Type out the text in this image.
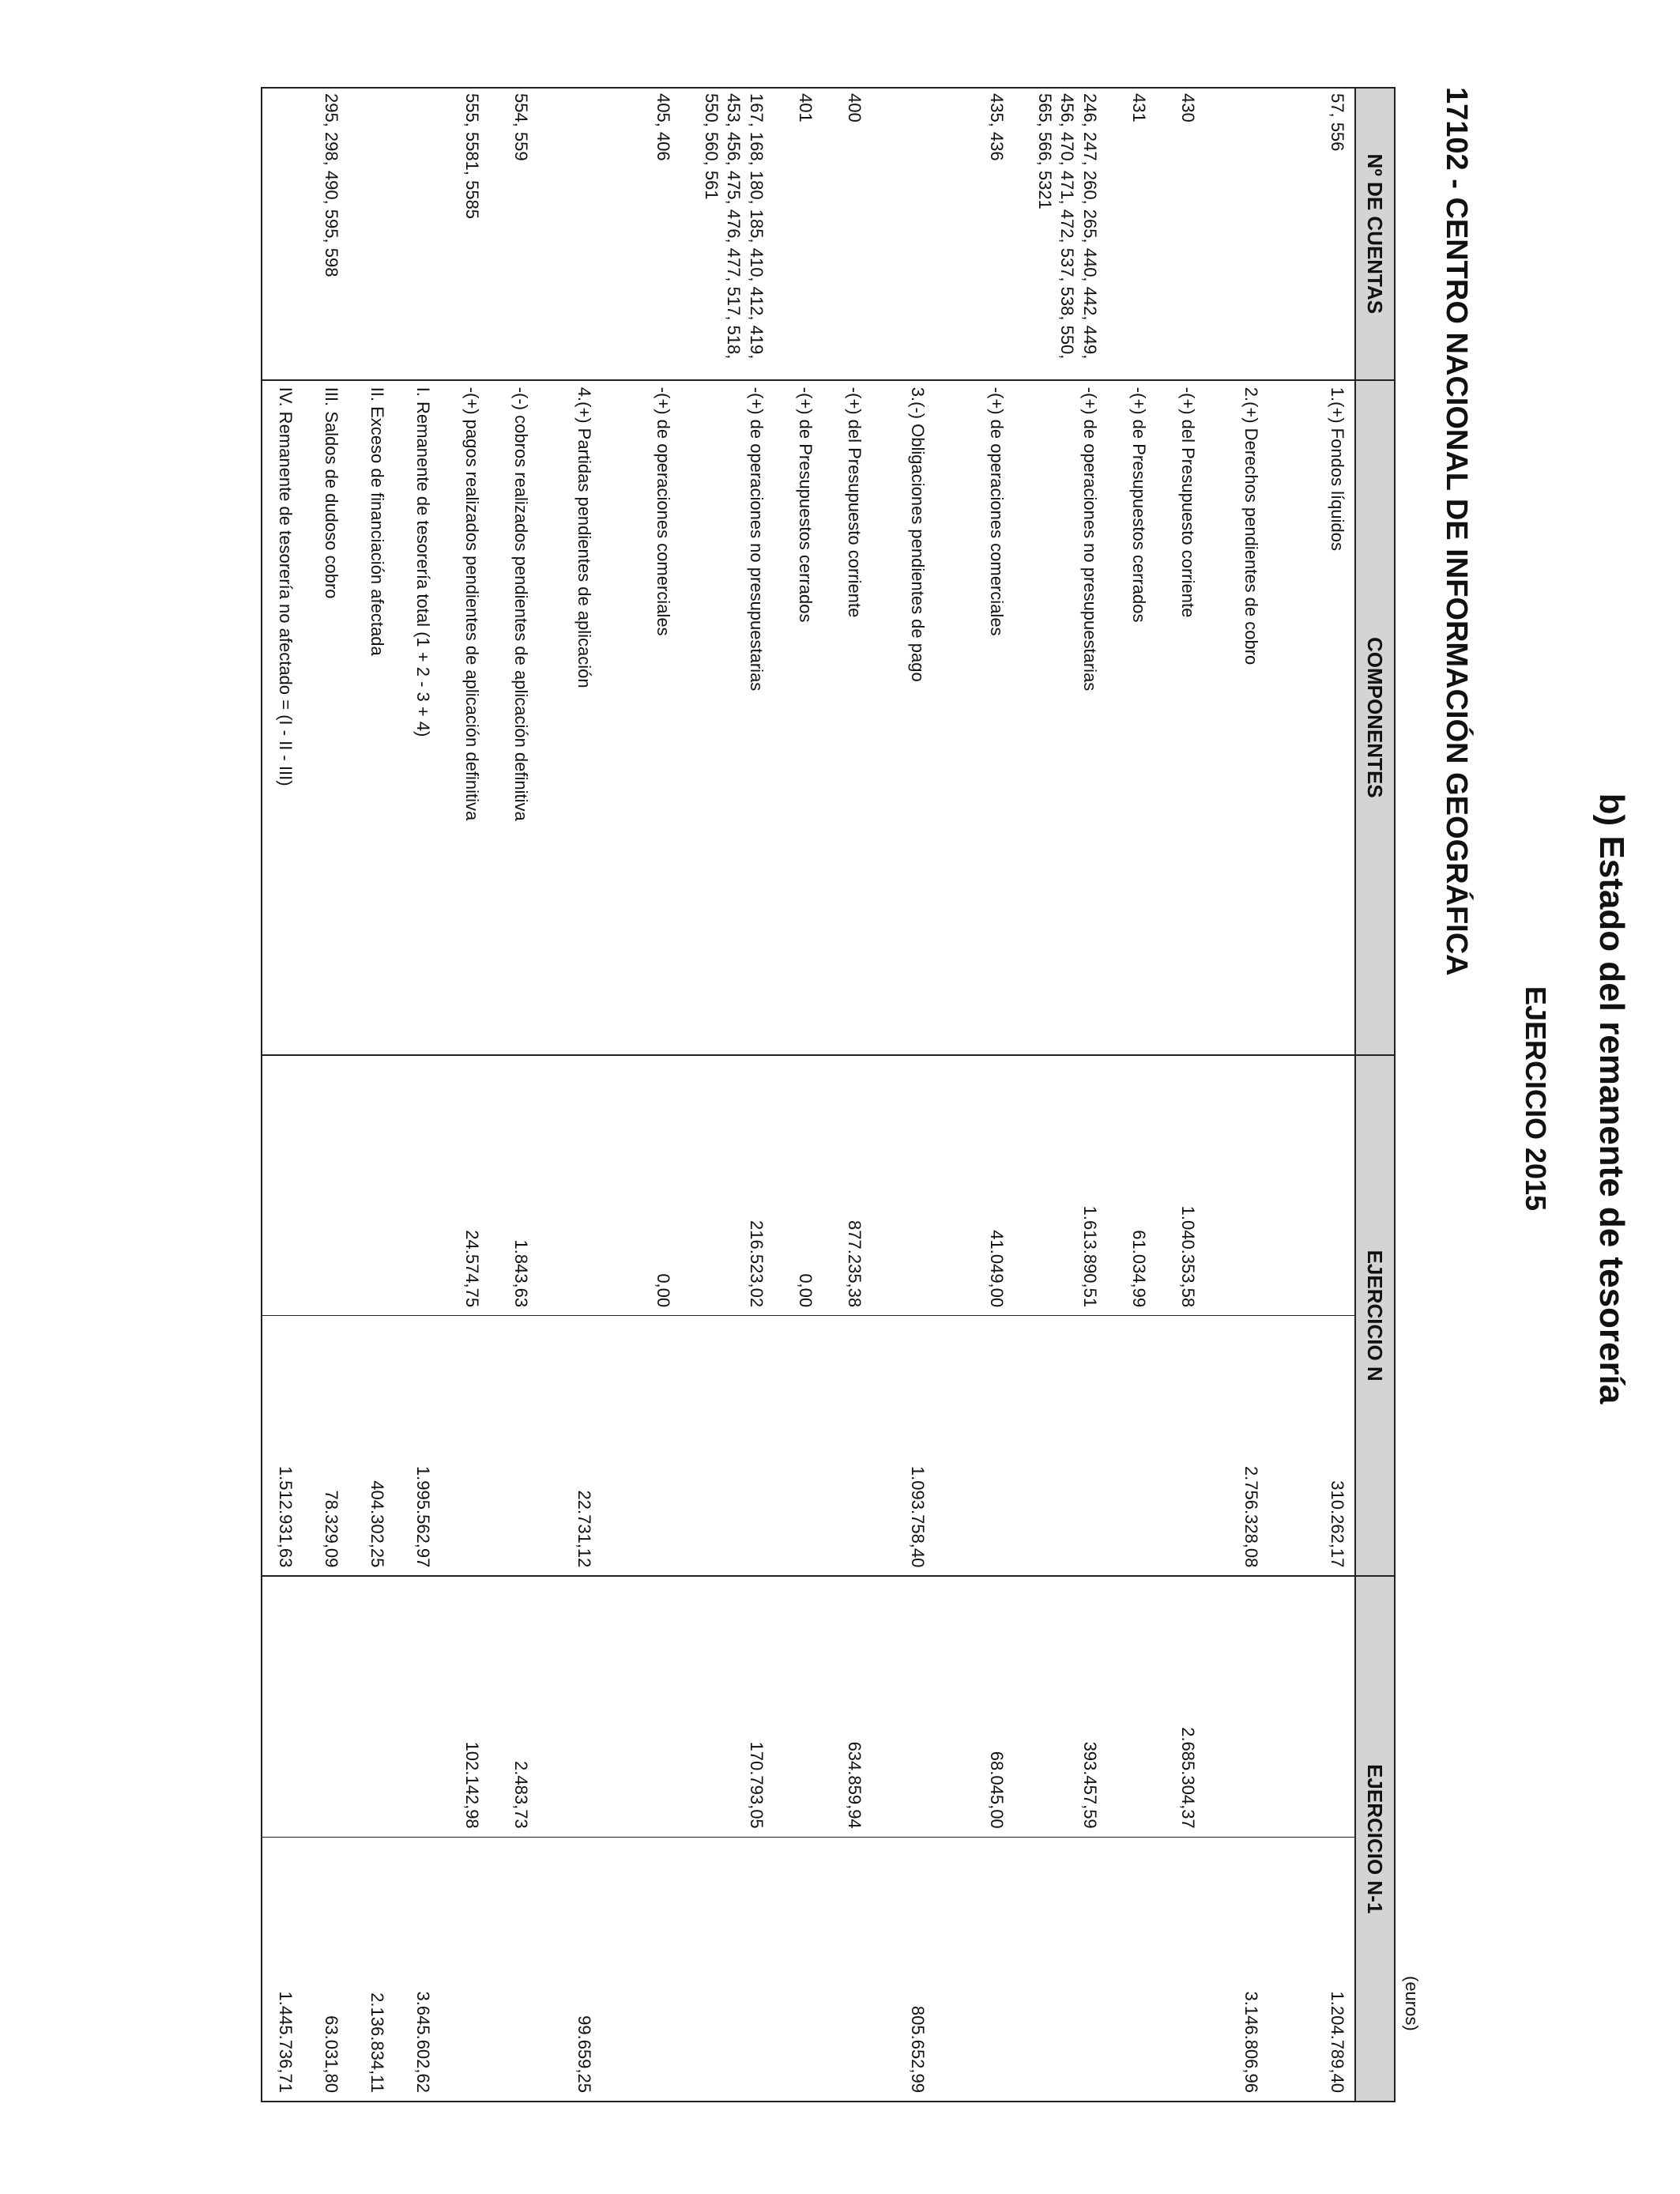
b) Estado del remanente de tesorería
EJERCICIO 2015
17102 - CENTRO NACIONAL DE INFORMACIÓN GEOGRÁFICA
(euros)
Nº DE CUENTAS	COMPONENTES	EJERCICIO N		EJERCICIO N-1	
57, 556	1.(+) Fondos líquidos		310.262,17		1.204.789,40
	2.(+) Derechos pendientes de cobro		2.756.328,08		3.146.806,96
430	-(+) del Presupuesto corriente	1.040.353,58		2.685.304,37	
431	-(+) de Presupuestos cerrados	61.034,99			
246, 247, 260, 265, 440, 442, 449, 456, 470, 471, 472, 537, 538, 550, 565, 566, 5321	-(+) de operaciones no presupuestarias	1.613.890,51		393.457,59	
435, 436	-(+) de operaciones comerciales	41.049,00		68.045,00	
	3.(-) Obligaciones pendientes de pago		1.093.758,40		805.652,99
400	-(+) del Presupuesto corriente	877.235,38		634.859,94	
401	-(+) de Presupuestos cerrados	0,00			
167, 168, 180, 185, 410, 412, 419, 453, 456, 475, 476, 477, 517, 518, 550, 560, 561	-(+) de operaciones no presupuestarias	216.523,02		170.793,05	
405, 406	-(+) de operaciones comerciales	0,00			
	4.(+) Partidas pendientes de aplicación		22.731,12		99.659,25
554, 559	-(-) cobros realizados pendientes de aplicación definitiva	1.843,63		2.483,73	
555, 5581, 5585	-(+) pagos realizados pendientes de aplicación definitiva	24.574,75		102.142,98	
	I. Remanente de tesorería total (1 + 2 - 3 + 4)		1.995.562,97		3.645.602,62
	II. Exceso de financiación afectada		404.302,25		2.136.834,11
295, 298, 490, 595, 598	III. Saldos de dudoso cobro		78.329,09		63.031,80
	IV. Remanente de tesorería no afectado = (I - II - III)		1.512.931,63		1.445.736,71
